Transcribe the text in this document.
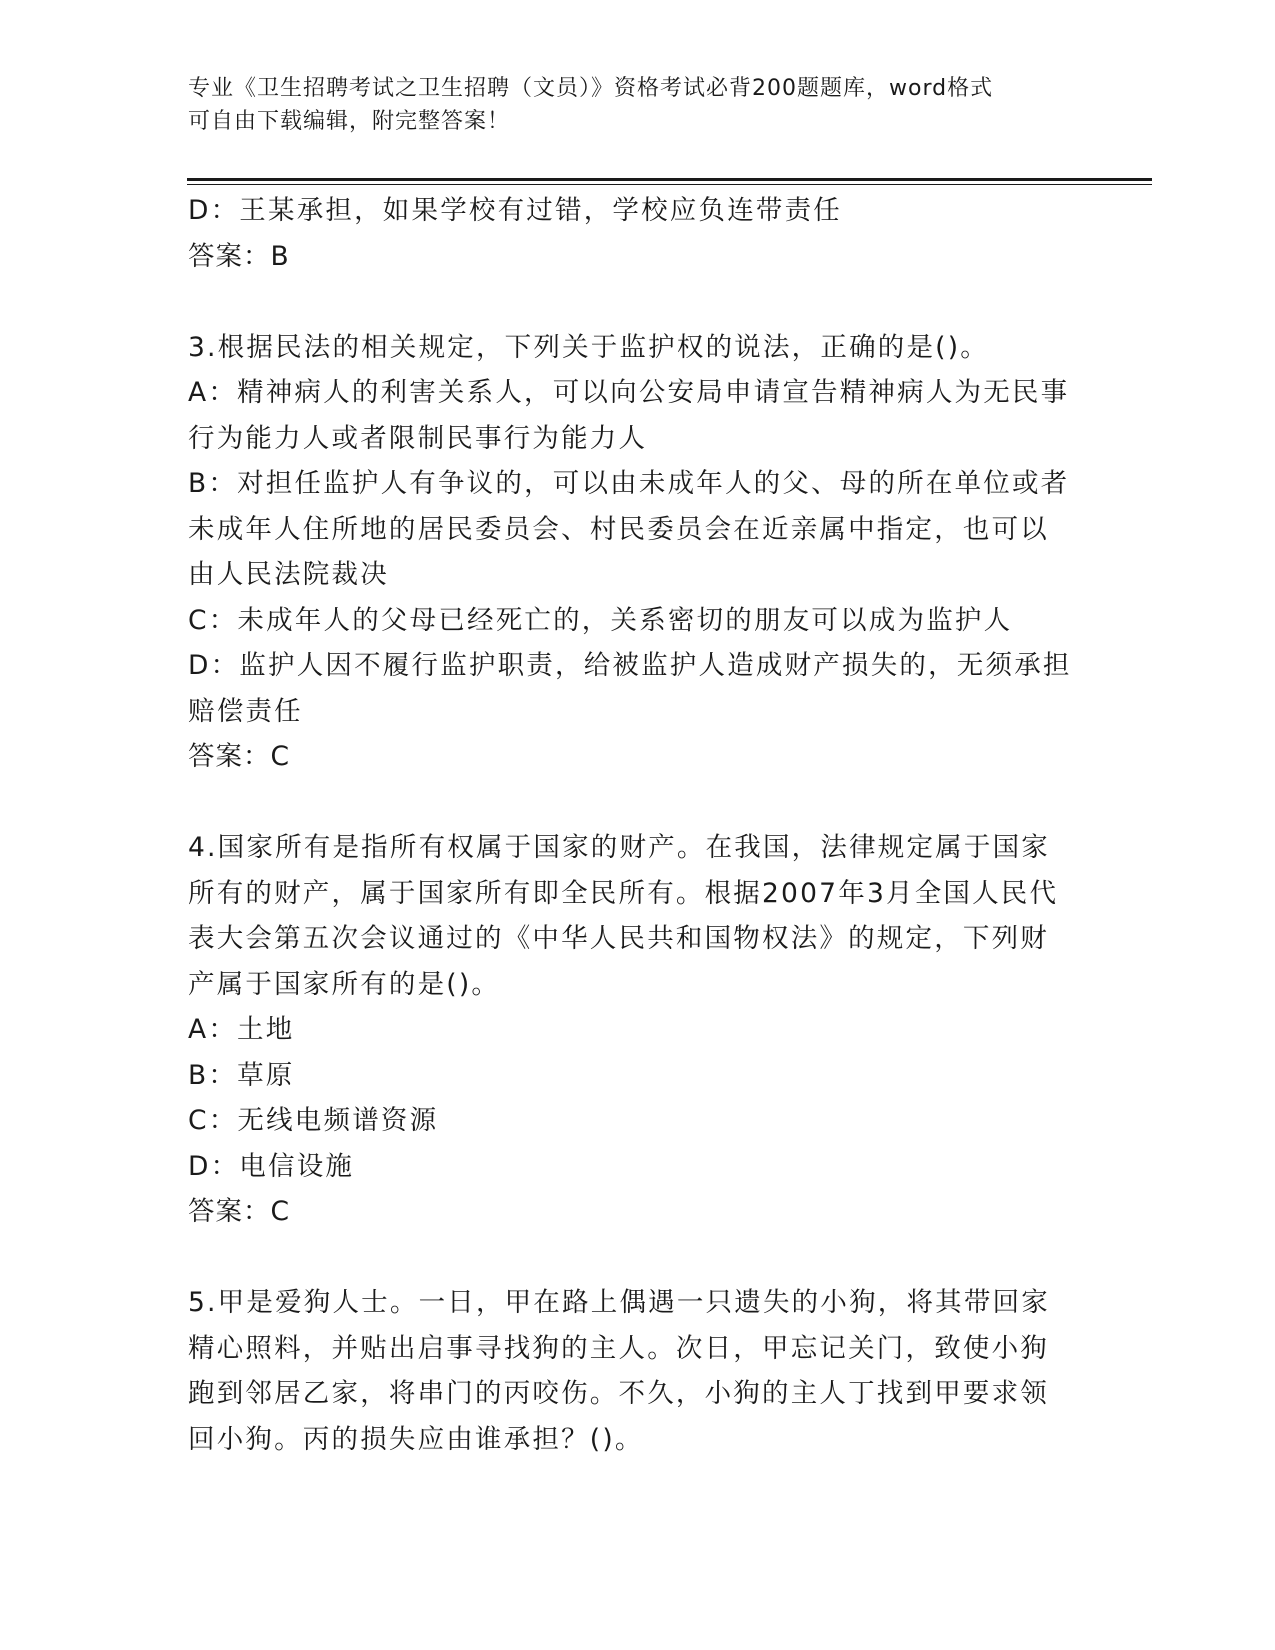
专业《卫生招聘考试之卫生招聘（文员）》资格考试必背200题题库，word格式
可自由下载编辑，附完整答案！
D：王某承担，如果学校有过错，学校应负连带责任
答案：B
3.根据民法的相关规定，下列关于监护权的说法，正确的是()。
A：精神病人的利害关系人，可以向公安局申请宣告精神病人为无民事
行为能力人或者限制民事行为能力人
B：对担任监护人有争议的，可以由未成年人的父、母的所在单位或者
未成年人住所地的居民委员会、村民委员会在近亲属中指定，也可以
由人民法院裁决
C：未成年人的父母已经死亡的，关系密切的朋友可以成为监护人
D：监护人因不履行监护职责，给被监护人造成财产损失的，无须承担
赔偿责任
答案：C
4.国家所有是指所有权属于国家的财产。在我国，法律规定属于国家
所有的财产，属于国家所有即全民所有。根据2007年3月全国人民代
表大会第五次会议通过的《中华人民共和国物权法》的规定，下列财
产属于国家所有的是()。
A：土地
B：草原
C：无线电频谱资源
D：电信设施
答案：C
5.甲是爱狗人士。一日，甲在路上偶遇一只遗失的小狗，将其带回家
精心照料，并贴出启事寻找狗的主人。次日，甲忘记关门，致使小狗
跑到邻居乙家，将串门的丙咬伤。不久，小狗的主人丁找到甲要求领
回小狗。丙的损失应由谁承担？()。
